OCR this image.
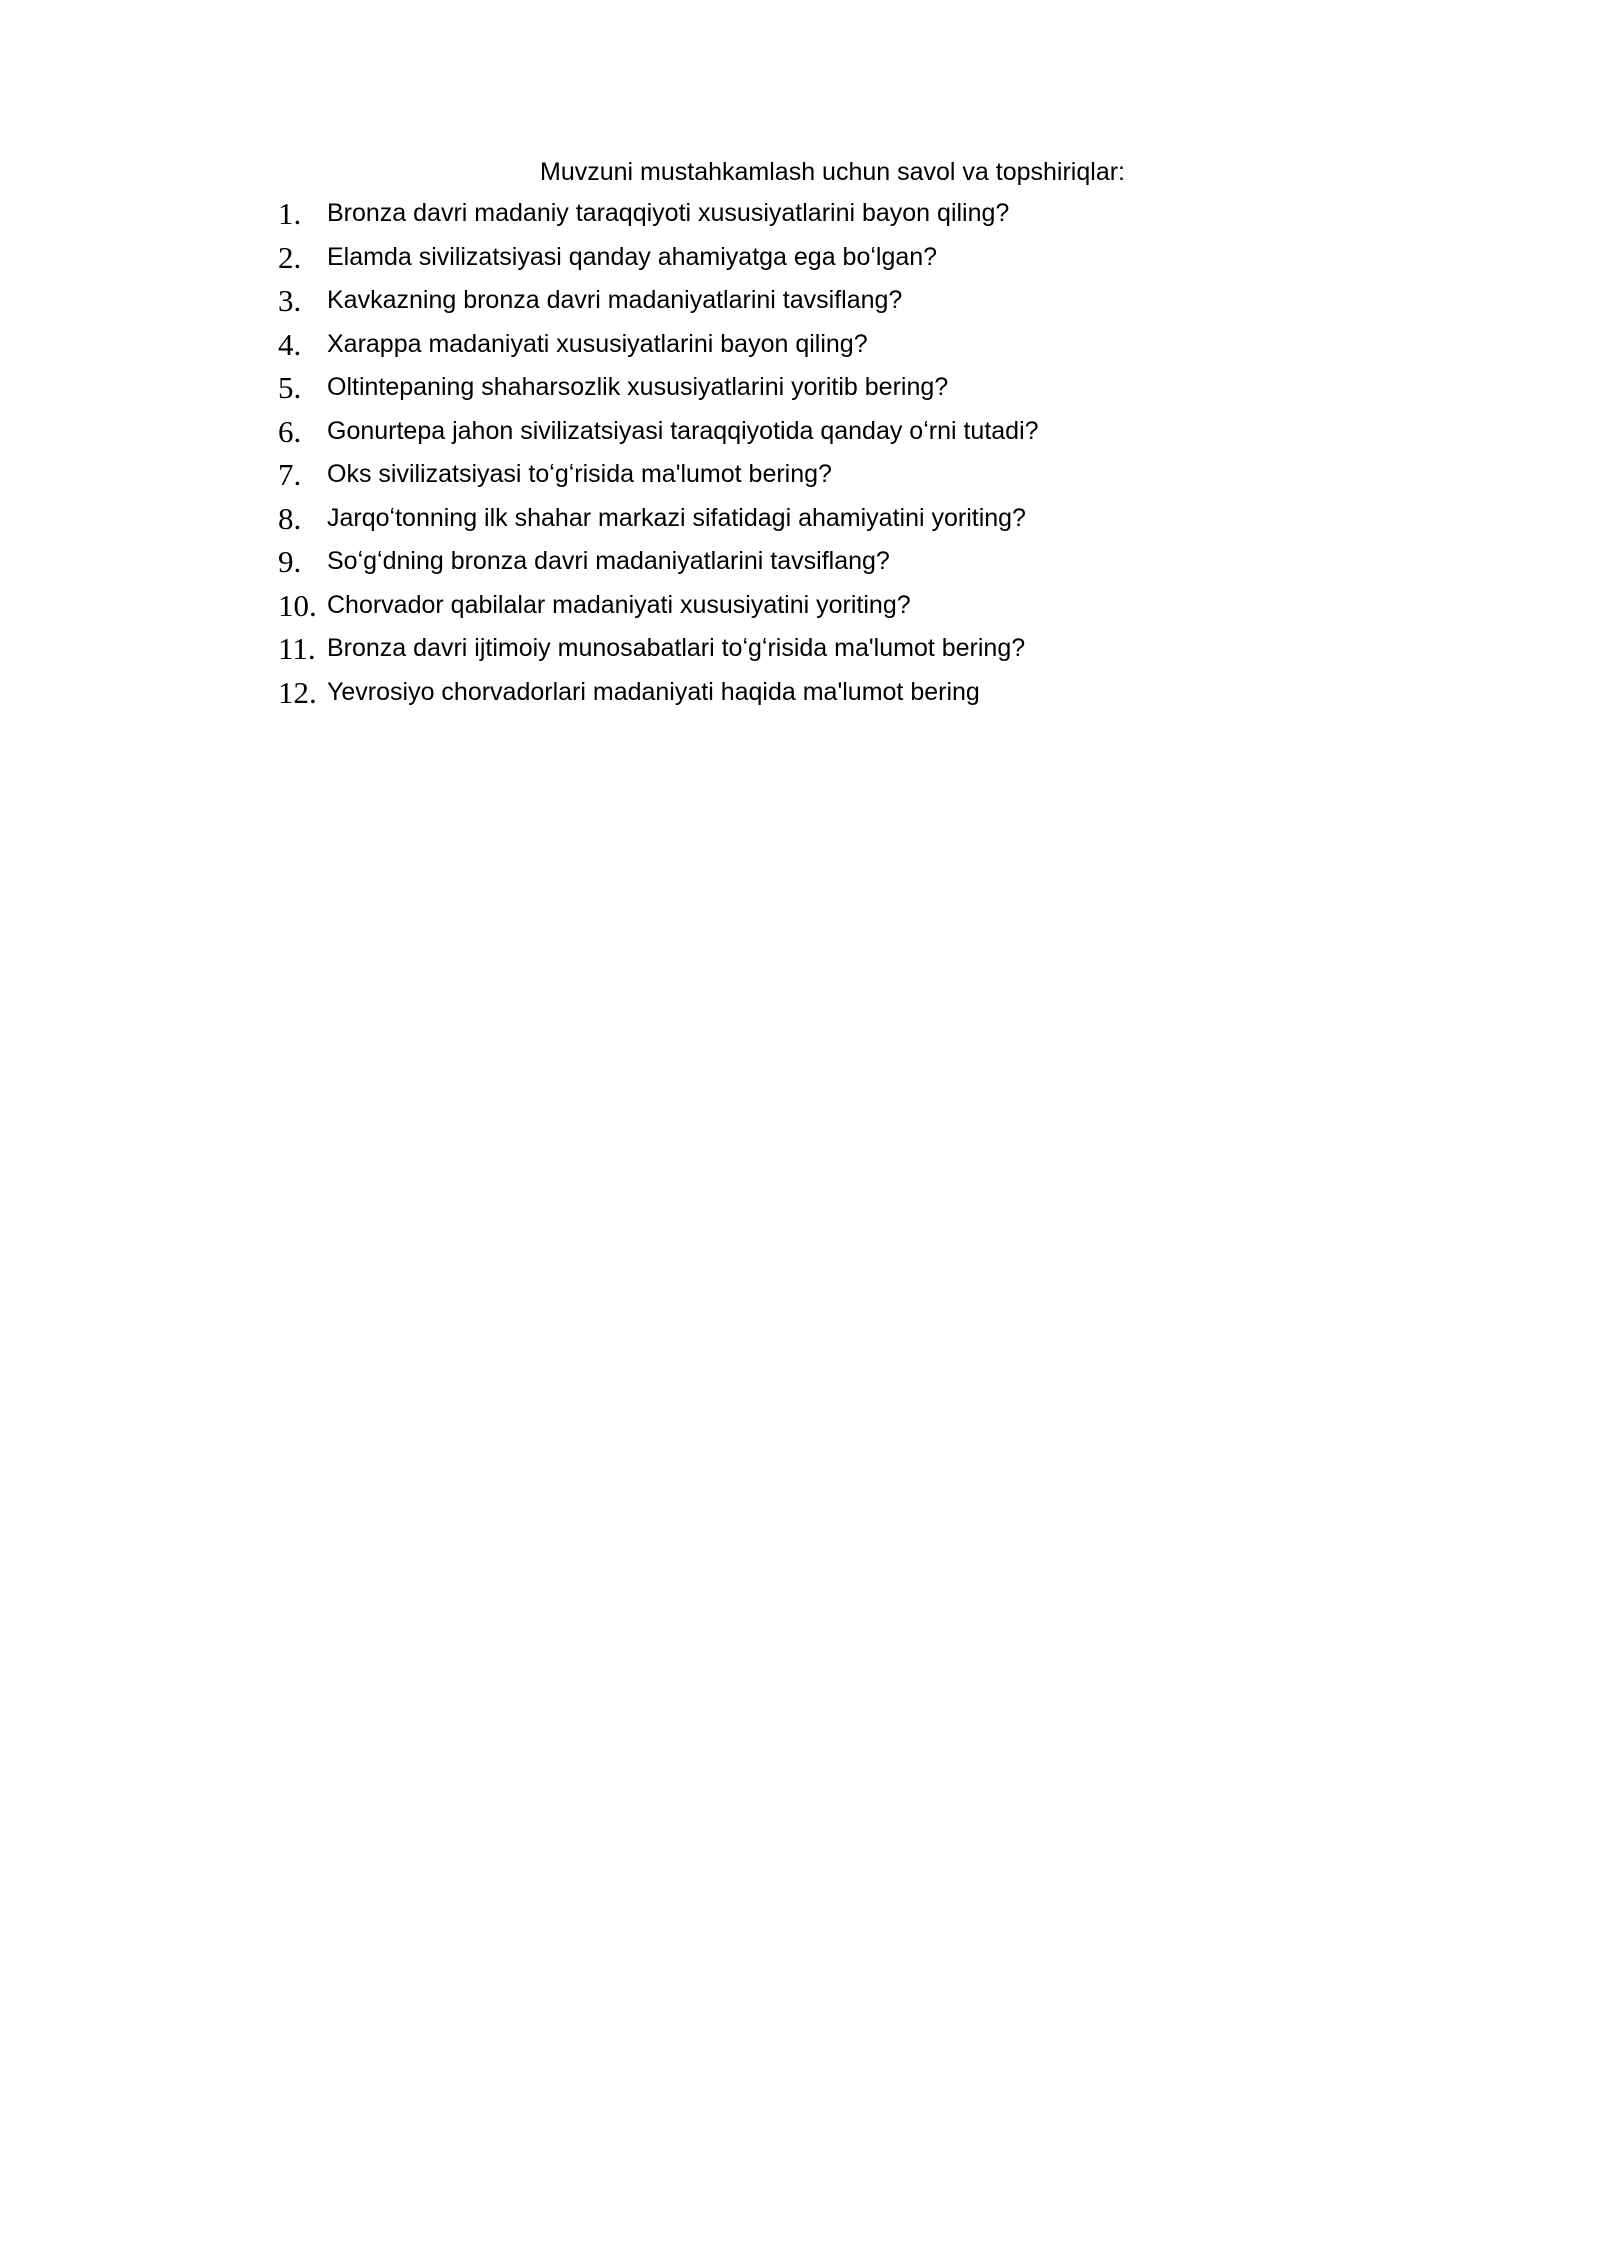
Muvzuni mustahkamlash uchun savol va topshiriqlar:
1. Bronza davri madaniy taraqqiyoti xususiyatlarini bayon qiling?
2. Elamda sivilizatsiyasi qanday ahamiyatga ega boʻlgan?
3. Kavkazning bronza davri madaniyatlarini tavsiflang?
4. Xarappa madaniyati xususiyatlarini bayon qiling?
5. Oltintepaning shaharsozlik xususiyatlarini yoritib bering?
6. Gonurtepa jahon sivilizatsiyasi taraqqiyotida qanday oʻrni tutadi?
7. Oks sivilizatsiyasi toʻgʻrisida ma'lumot bering?
8. Jarqoʻtonning ilk shahar markazi sifatidagi ahamiyatini yoriting?
9. Soʻgʻdning bronza davri madaniyatlarini tavsiflang?
10. Chorvador qabilalar madaniyati xususiyatini yoriting?
11. Bronza davri ijtimoiy munosabatlari toʻgʻrisida ma'lumot bering?
12. Yevrosiyo chorvadorlari madaniyati haqida ma'lumot bering
